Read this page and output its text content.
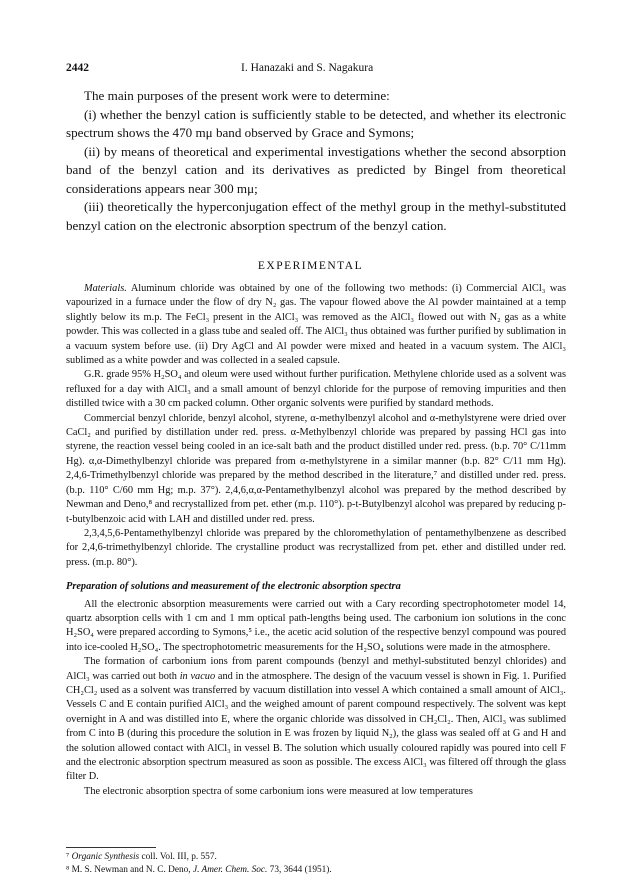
2442	I. Hanazaki and S. Nagakura

The main purposes of the present work were to determine:

(i) whether the benzyl cation is sufficiently stable to be detected, and whether its electronic spectrum shows the 470 mμ band observed by Grace and Symons;

(ii) by means of theoretical and experimental investigations whether the second absorption band of the benzyl cation and its derivatives as predicted by Bingel from theoretical considerations appears near 300 mμ;

(iii) theoretically the hyperconjugation effect of the methyl group in the methyl-substituted benzyl cation on the electronic absorption spectrum of the benzyl cation.

EXPERIMENTAL

Materials. Aluminum chloride was obtained by one of the following two methods: (i) Commercial AlCl₃ was vapourized in a furnace under the flow of dry N₂ gas. The vapour flowed above the Al powder maintained at a temp slightly below its m.p. The FeCl₃ present in the AlCl₃ was removed as the AlCl₃ flowed out with N₂ gas as a white powder. This was collected in a glass tube and sealed off. The AlCl₃ thus obtained was further purified by sublimation in a vacuum system before use. (ii) Dry AgCl and Al powder were mixed and heated in a vacuum system. The AlCl₃ sublimed as a white powder and was collected in a sealed capsule.

G.R. grade 95% H₂SO₄ and oleum were used without further purification. Methylene chloride used as a solvent was refluxed for a day with AlCl₃ and a small amount of benzyl chloride for the purpose of removing impurities and then distilled twice with a 30 cm packed column. Other organic solvents were purified by standard methods.

Commercial benzyl chloride, benzyl alcohol, styrene, α-methylbenzyl alcohol and α-methylstyrene were dried over CaCl₂ and purified by distillation under red. press. α-Methylbenzyl chloride was prepared by passing HCl gas into styrene, the reaction vessel being cooled in an ice-salt bath and the product distilled under red. press. (b.p. 70° C/11mm Hg). α,α-Dimethylbenzyl chloride was prepared from α-methylstyrene in a similar manner (b.p. 82° C/11 mm Hg). 2,4,6-Trimethylbenzyl chloride was prepared by the method described in the literature,⁷ and distilled under red. press. (b.p. 110° C/60 mm Hg; m.p. 37°). 2,4,6,α,α-Pentamethylbenzyl alcohol was prepared by the method described by Newman and Deno,⁸ and recrystallized from pet. ether (m.p. 110°). p-t-Butylbenzyl alcohol was prepared by reducing p-t-butylbenzoic acid with LAH and distilled under red. press.

2,3,4,5,6-Pentamethylbenzyl chloride was prepared by the chloromethylation of pentamethylbenzene as described for 2,4,6-trimethylbenzyl chloride. The crystalline product was recrystallized from pet. ether and distilled under red. press. (m.p. 80°).

Preparation of solutions and measurement of the electronic absorption spectra

All the electronic absorption measurements were carried out with a Cary recording spectrophotometer model 14, quartz absorption cells with 1 cm and 1 mm optical path-lengths being used. The carbonium ion solutions in the conc H₂SO₄ were prepared according to Symons,⁵ i.e., the acetic acid solution of the respective benzyl compound was poured into ice-cooled H₂SO₄. The spectrophotometric measurements for the H₂SO₄ solutions were made in the atmosphere.

The formation of carbonium ions from parent compounds (benzyl and methyl-substituted benzyl chlorides) and AlCl₃ was carried out both in vacuo and in the atmosphere. The design of the vacuum vessel is shown in Fig. 1. Purified CH₂Cl₂ used as a solvent was transferred by vacuum distillation into vessel A which contained a small amount of AlCl₃. Vessels C and E contain purified AlCl₃ and the weighed amount of parent compound respectively. The solvent was kept overnight in A and was distilled into E, where the organic chloride was dissolved in CH₂Cl₂. Then, AlCl₃ was sublimed from C into B (during this procedure the solution in E was frozen by liquid N₂), the glass was sealed off at G and H and the solution allowed contact with AlCl₃ in vessel B. The solution which usually coloured rapidly was poured into cell F and the electronic absorption spectrum measured as soon as possible. The excess AlCl₃ was filtered off through the glass filter D.

The electronic absorption spectra of some carbonium ions were measured at low temperatures

⁷ Organic Synthesis coll. Vol. III, p. 557.
⁸ M. S. Newman and N. C. Deno, J. Amer. Chem. Soc. 73, 3644 (1951).
